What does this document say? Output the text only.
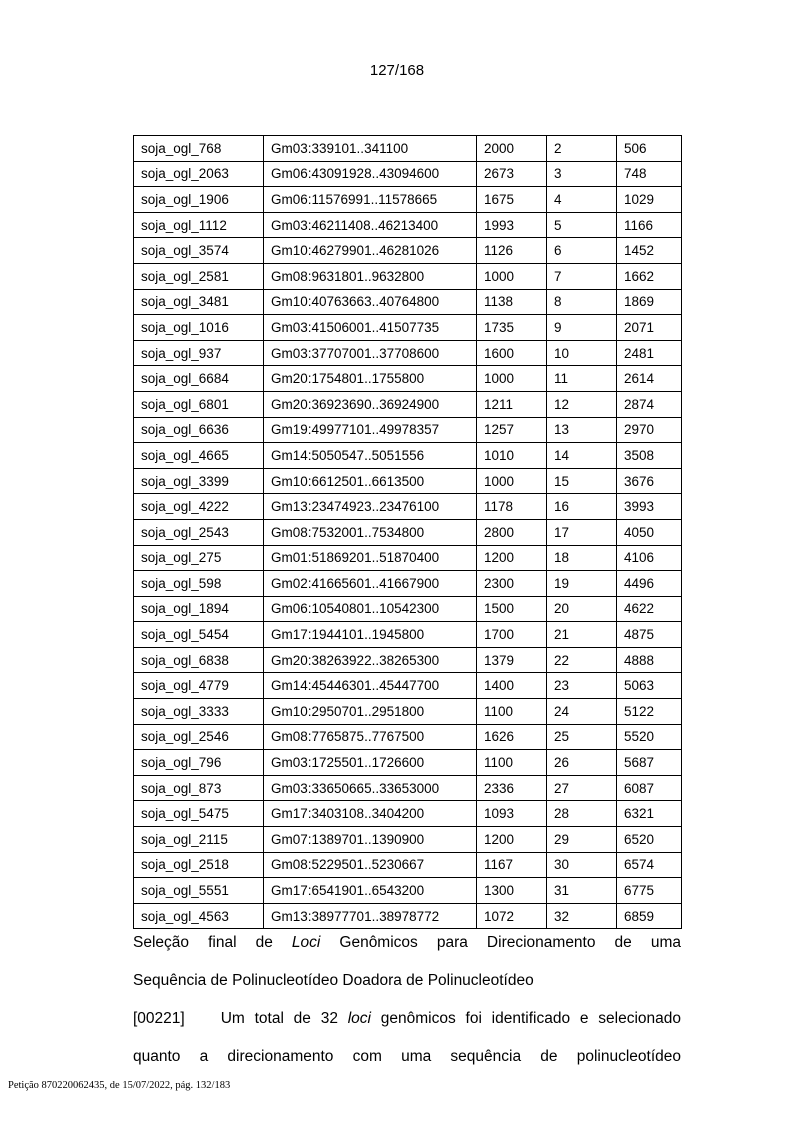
127/168
soja_ogl_768	Gm03:339101..341100	2000	2	506
soja_ogl_2063	Gm06:43091928..43094600	2673	3	748
soja_ogl_1906	Gm06:11576991..11578665	1675	4	1029
soja_ogl_1112	Gm03:46211408..46213400	1993	5	1166
soja_ogl_3574	Gm10:46279901..46281026	1126	6	1452
soja_ogl_2581	Gm08:9631801..9632800	1000	7	1662
soja_ogl_3481	Gm10:40763663..40764800	1138	8	1869
soja_ogl_1016	Gm03:41506001..41507735	1735	9	2071
soja_ogl_937	Gm03:37707001..37708600	1600	10	2481
soja_ogl_6684	Gm20:1754801..1755800	1000	11	2614
soja_ogl_6801	Gm20:36923690..36924900	1211	12	2874
soja_ogl_6636	Gm19:49977101..49978357	1257	13	2970
soja_ogl_4665	Gm14:5050547..5051556	1010	14	3508
soja_ogl_3399	Gm10:6612501..6613500	1000	15	3676
soja_ogl_4222	Gm13:23474923..23476100	1178	16	3993
soja_ogl_2543	Gm08:7532001..7534800	2800	17	4050
soja_ogl_275	Gm01:51869201..51870400	1200	18	4106
soja_ogl_598	Gm02:41665601..41667900	2300	19	4496
soja_ogl_1894	Gm06:10540801..10542300	1500	20	4622
soja_ogl_5454	Gm17:1944101..1945800	1700	21	4875
soja_ogl_6838	Gm20:38263922..38265300	1379	22	4888
soja_ogl_4779	Gm14:45446301..45447700	1400	23	5063
soja_ogl_3333	Gm10:2950701..2951800	1100	24	5122
soja_ogl_2546	Gm08:7765875..7767500	1626	25	5520
soja_ogl_796	Gm03:1725501..1726600	1100	26	5687
soja_ogl_873	Gm03:33650665..33653000	2336	27	6087
soja_ogl_5475	Gm17:3403108..3404200	1093	28	6321
soja_ogl_2115	Gm07:1389701..1390900	1200	29	6520
soja_ogl_2518	Gm08:5229501..5230667	1167	30	6574
soja_ogl_5551	Gm17:6541901..6543200	1300	31	6775
soja_ogl_4563	Gm13:38977701..38978772	1072	32	6859
Seleção final de Loci Genômicos para Direcionamento de uma
Sequência de Polinucleotídeo Doadora de Polinucleotídeo
[00221] Um total de 32 loci genômicos foi identificado e selecionado
quanto a direcionamento com uma sequência de polinucleotídeo
Petição 870220062435, de 15/07/2022, pág. 132/183
